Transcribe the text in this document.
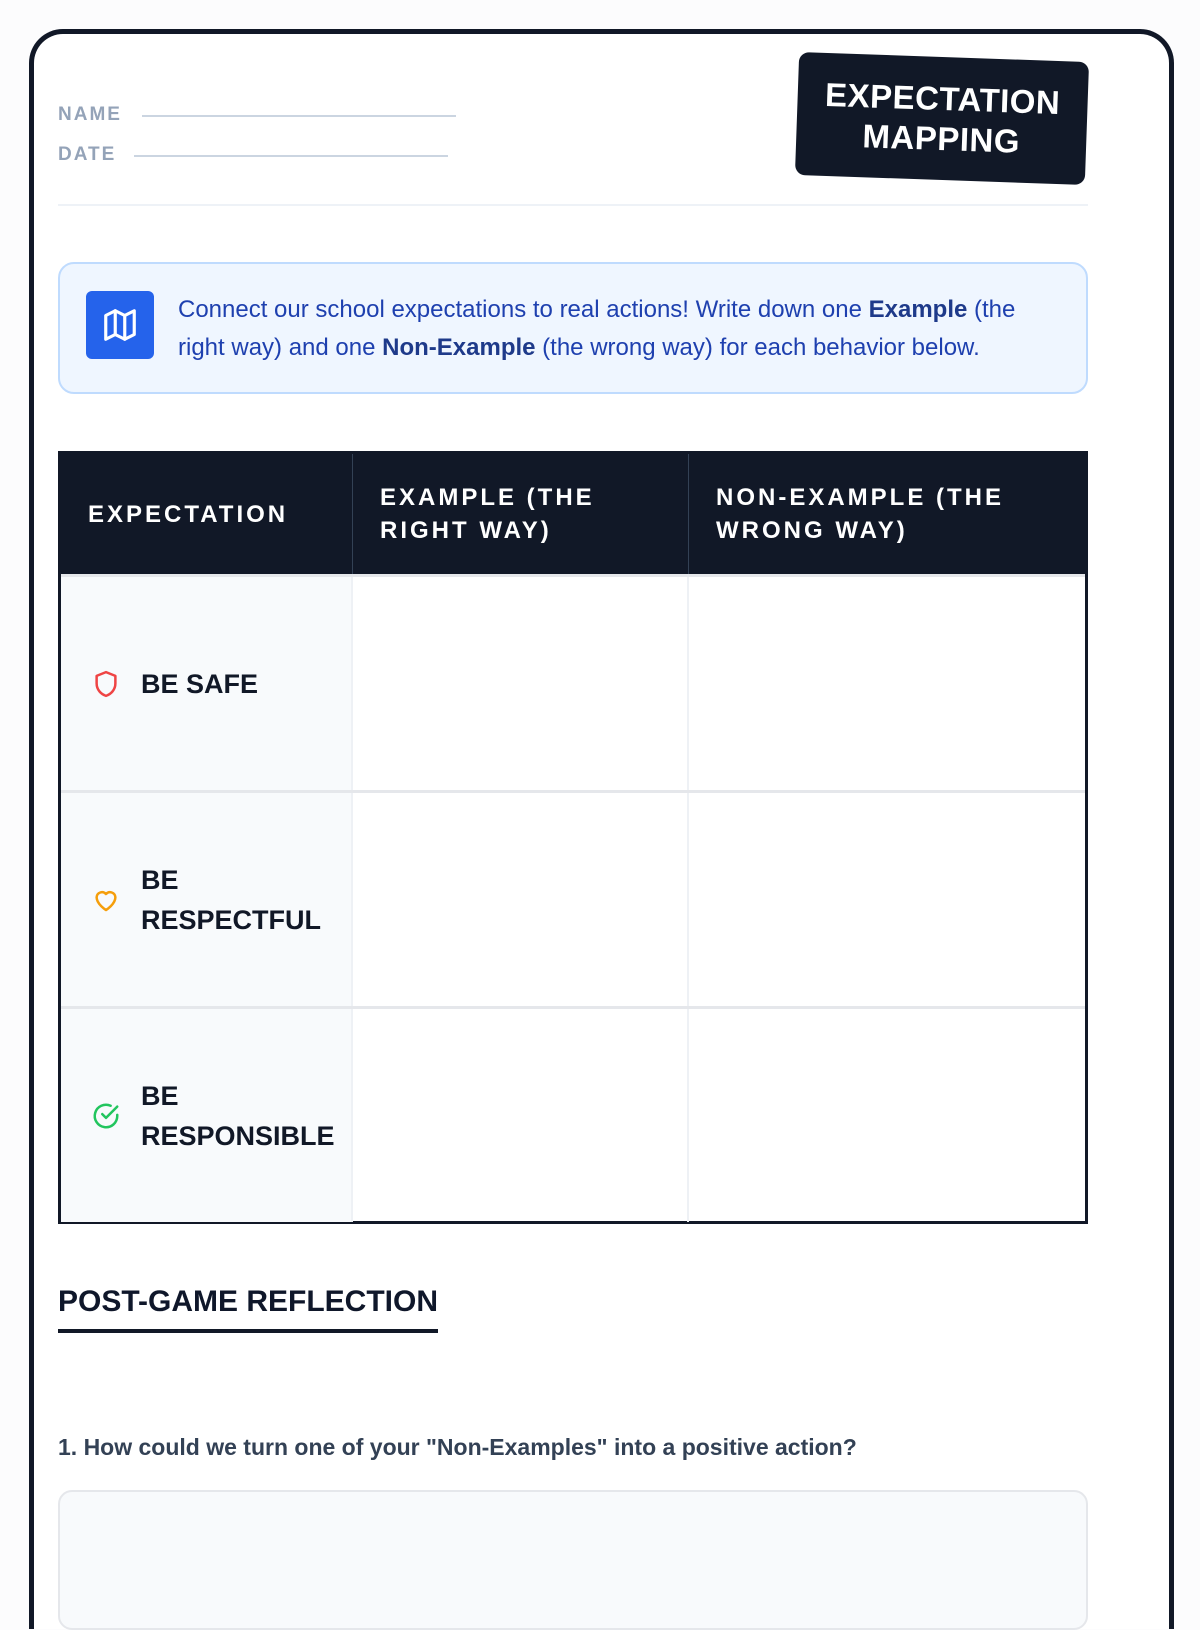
NAME
DATE
EXPECTATION
MAPPING

Connect our school expectations to real actions! Write down one Example (the right way) and one Non-Example (the wrong way) for each behavior below.

EXPECTATION
EXAMPLE (THE RIGHT WAY)
NON-EXAMPLE (THE WRONG WAY)
BE SAFE
BE RESPECTFUL
BE RESPONSIBLE
POST-GAME REFLECTION

1. How could we turn one of your "Non-Examples" into a positive action?
